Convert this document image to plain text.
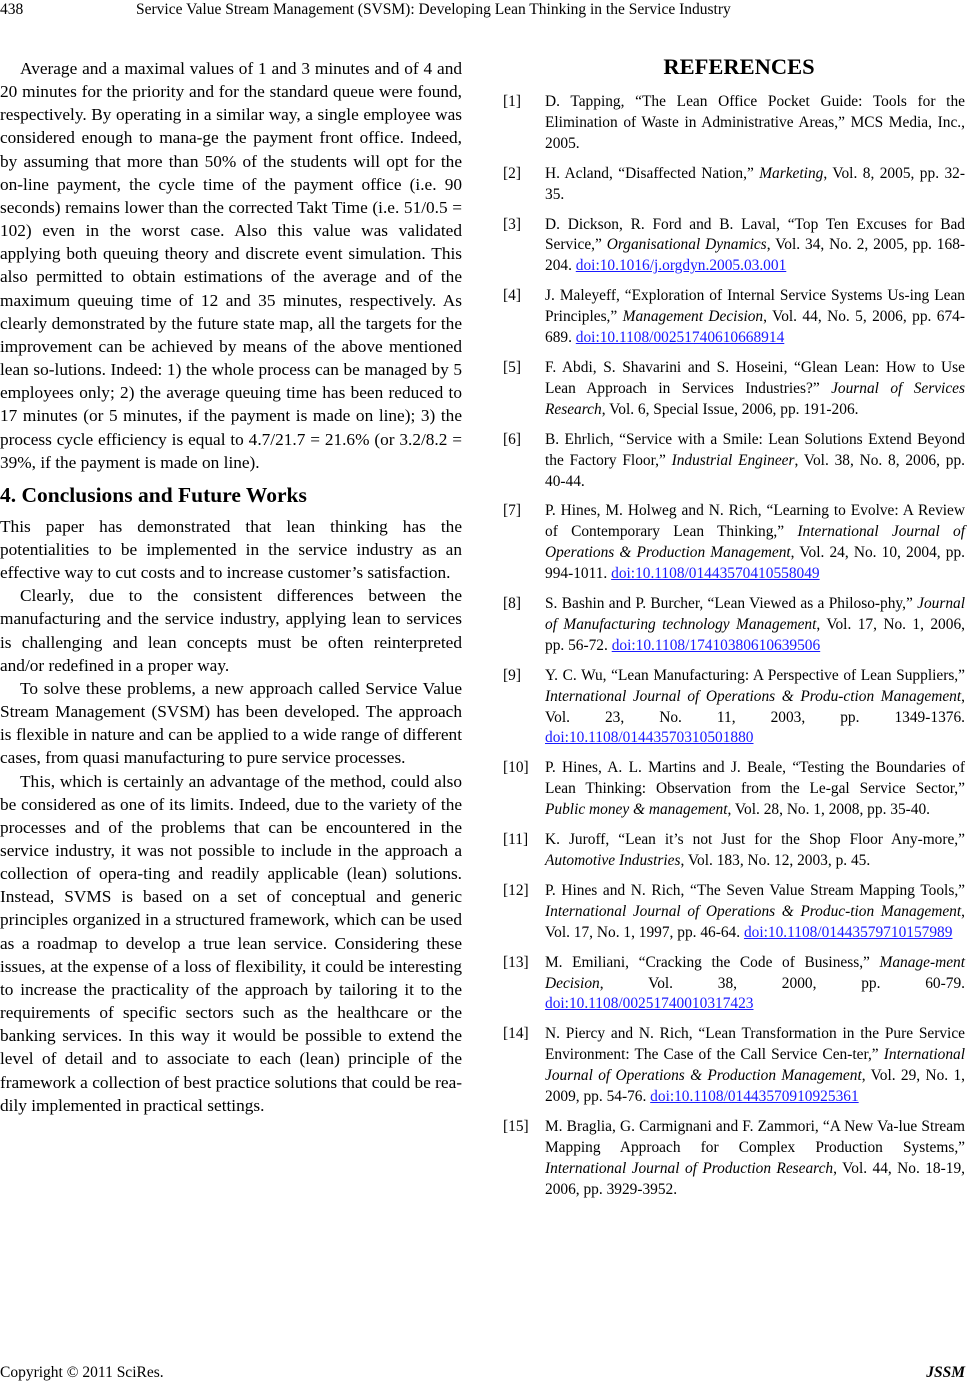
438	Service Value Stream Management (SVSM): Developing Lean Thinking in the Service Industry

Average and a maximal values of 1 and 3 minutes and of 4 and 20 minutes for the priority and for the standard queue were found, respectively. By operating in a similar way, a single employee was considered enough to mana-ge the payment front office. Indeed, by assuming that more than 50% of the students will opt for the on-line payment, the cycle time of the payment office (i.e. 90 seconds) remains lower than the corrected Takt Time (i.e. 51/0.5 = 102) even in the worst case. Also this value was validated applying both queuing theory and discrete event simulation. This also permitted to obtain estimations of the average and of the maximum queuing time of 12 and 35 minutes, respectively. As clearly demonstrated by the future state map, all the targets for the improvement can be achieved by means of the above mentioned lean so-lutions. Indeed: 1) the whole process can be managed by 5 employees only; 2) the average queuing time has been reduced to 17 minutes (or 5 minutes, if the payment is made on line); 3) the process cycle efficiency is equal to 4.7/21.7 = 21.6% (or 3.2/8.2 = 39%, if the payment is made on line).

4. Conclusions and Future Works

This paper has demonstrated that lean thinking has the potentialities to be implemented in the service industry as an effective way to cut costs and to increase customer’s satisfaction.

Clearly, due to the consistent differences between the manufacturing and the service industry, applying lean to services is challenging and lean concepts must be often reinterpreted and/or redefined in a proper way.

To solve these problems, a new approach called Service Value Stream Management (SVSM) has been developed. The approach is flexible in nature and can be applied to a wide range of different cases, from quasi manufacturing to pure service processes.

This, which is certainly an advantage of the method, could also be considered as one of its limits. Indeed, due to the variety of the processes and of the problems that can be encountered in the service industry, it was not possible to include in the approach a collection of opera-ting and readily applicable (lean) solutions. Instead, SVMS is based on a set of conceptual and generic principles organized in a structured framework, which can be used as a roadmap to develop a true lean service. Considering these issues, at the expense of a loss of flexibility, it could be interesting to increase the practicality of the approach by tailoring it to the requirements of specific sectors such as the healthcare or the banking services. In this way it would be possible to extend the level of detail and to associate to each (lean) principle of the framework a collection of best practice solutions that could be rea-dily implemented in practical settings.

REFERENCES
[1] D. Tapping, “The Lean Office Pocket Guide: Tools for the Elimination of Waste in Administrative Areas,” MCS Media, Inc., 2005.
[2] H. Acland, “Disaffected Nation,” Marketing, Vol. 8, 2005, pp. 32-35.
[3] D. Dickson, R. Ford and B. Laval, “Top Ten Excuses for Bad Service,” Organisational Dynamics, Vol. 34, No. 2, 2005, pp. 168-204. doi:10.1016/j.orgdyn.2005.03.001
[4] J. Maleyeff, “Exploration of Internal Service Systems Us-ing Lean Principles,” Management Decision, Vol. 44, No. 5, 2006, pp. 674-689. doi:10.1108/00251740610668914
[5] F. Abdi, S. Shavarini and S. Hoseini, “Glean Lean: How to Use Lean Approach in Services Industries?” Journal of Services Research, Vol. 6, Special Issue, 2006, pp. 191-206.
[6] B. Ehrlich, “Service with a Smile: Lean Solutions Extend Beyond the Factory Floor,” Industrial Engineer, Vol. 38, No. 8, 2006, pp. 40-44.
[7] P. Hines, M. Holweg and N. Rich, “Learning to Evolve: A Review of Contemporary Lean Thinking,” International Journal of Operations & Production Management, Vol. 24, No. 10, 2004, pp. 994-1011. doi:10.1108/01443570410558049
[8] S. Bashin and P. Burcher, “Lean Viewed as a Philoso-phy,” Journal of Manufacturing technology Management, Vol. 17, No. 1, 2006, pp. 56-72. doi:10.1108/17410380610639506
[9] Y. C. Wu, “Lean Manufacturing: A Perspective of Lean Suppliers,” International Journal of Operations & Produ-ction Management, Vol. 23, No. 11, 2003, pp. 1349-1376. doi:10.1108/01443570310501880
[10] P. Hines, A. L. Martins and J. Beale, “Testing the Boundaries of Lean Thinking: Observation from the Le-gal Service Sector,” Public money & management, Vol. 28, No. 1, 2008, pp. 35-40.
[11] K. Juroff, “Lean it’s not Just for the Shop Floor Any-more,” Automotive Industries, Vol. 183, No. 12, 2003, p. 45.
[12] P. Hines and N. Rich, “The Seven Value Stream Mapping Tools,” International Journal of Operations & Produc-tion Management, Vol. 17, No. 1, 1997, pp. 46-64. doi:10.1108/01443579710157989
[13] M. Emiliani, “Cracking the Code of Business,” Manage-ment Decision, Vol. 38, 2000, pp. 60-79. doi:10.1108/00251740010317423
[14] N. Piercy and N. Rich, “Lean Transformation in the Pure Service Environment: The Case of the Call Service Cen-ter,” International Journal of Operations & Production Management, Vol. 29, No. 1, 2009, pp. 54-76. doi:10.1108/01443570910925361
[15] M. Braglia, G. Carmignani and F. Zammori, “A New Va-lue Stream Mapping Approach for Complex Production Systems,” International Journal of Production Research, Vol. 44, No. 18-19, 2006, pp. 3929-3952.
Copyright © 2011 SciRes.	JSSM
